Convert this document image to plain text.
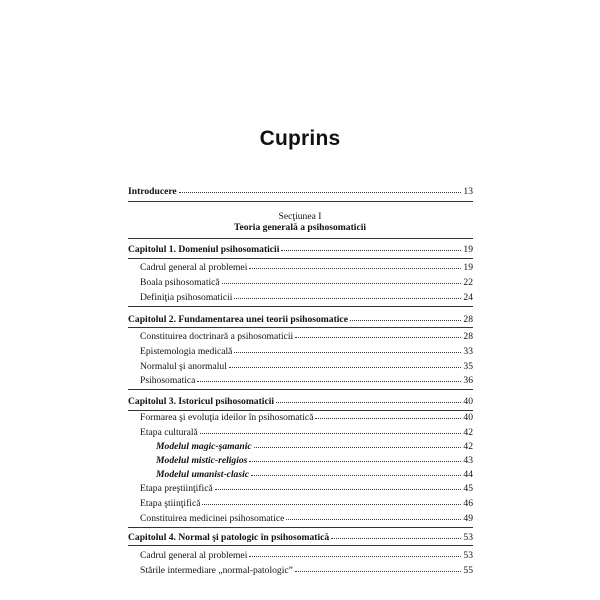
Cuprins
Introducere	13
Secţiunea I
Teoria generală a psihosomaticii
Capitolul 1. Domeniul psihosomaticii	19
Cadrul general al problemei	19
Boala psihosomatică	22
Definiţia psihosomaticii	24
Capitolul 2. Fundamentarea unei teorii psihosomatice	28
Constituirea doctrinară a psihosomaticii	28
Epistemologia medicală	33
Normalul şi anormalul	35
Psihosomatica	36
Capitolul 3. Istoricul psihosomaticii	40
Formarea şi evoluţia ideilor în psihosomatică	40
Etapa culturală	42
Modelul magic-şamanic	42
Modelul mistic-religios	43
Modelul umanist-clasic	44
Etapa preştiinţifică	45
Etapa ştiinţifică	46
Constituirea medicinei psihosomatice	49
Capitolul 4. Normal şi patologic în psihosomatică	53
Cadrul general al problemei	53
Stările intermediare „normal-patologic”	55
